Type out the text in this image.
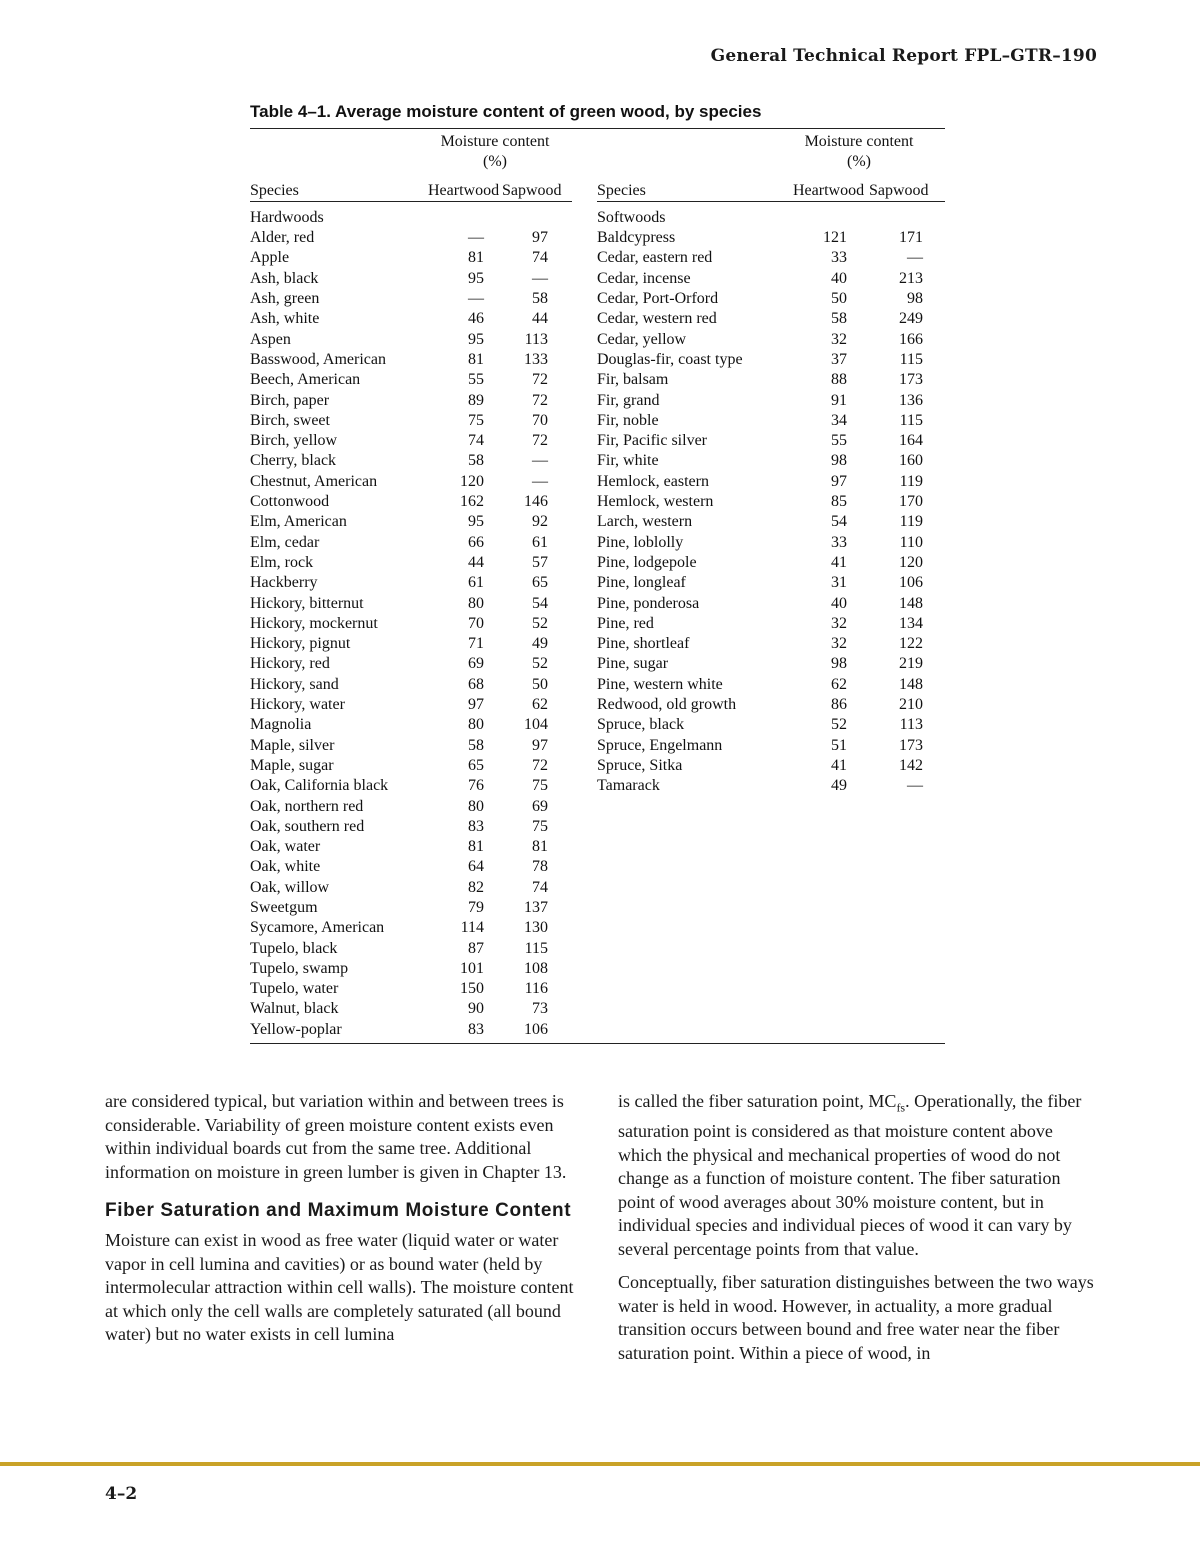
General Technical Report FPL–GTR–190
Table 4–1. Average moisture content of green wood, by species

	Moisture content				Moisture content	
	(%)				(%)	
Species	Heartwood	Sapwood		Species	Heartwood	Sapwood
Hardwoods				Softwoods		
Alder, red	—	97		Baldcypress	121	171
Apple	81	74		Cedar, eastern red	33	—
Ash, black	95	—		Cedar, incense	40	213
Ash, green	—	58		Cedar, Port-Orford	50	98
Ash, white	46	44		Cedar, western red	58	249
Aspen	95	113		Cedar, yellow	32	166
Basswood, American	81	133		Douglas-fir, coast type	37	115
Beech, American	55	72		Fir, balsam	88	173
Birch, paper	89	72		Fir, grand	91	136
Birch, sweet	75	70		Fir, noble	34	115
Birch, yellow	74	72		Fir, Pacific silver	55	164
Cherry, black	58	—		Fir, white	98	160
Chestnut, American	120	—		Hemlock, eastern	97	119
Cottonwood	162	146		Hemlock, western	85	170
Elm, American	95	92		Larch, western	54	119
Elm, cedar	66	61		Pine, loblolly	33	110
Elm, rock	44	57		Pine, lodgepole	41	120
Hackberry	61	65		Pine, longleaf	31	106
Hickory, bitternut	80	54		Pine, ponderosa	40	148
Hickory, mockernut	70	52		Pine, red	32	134
Hickory, pignut	71	49		Pine, shortleaf	32	122
Hickory, red	69	52		Pine, sugar	98	219
Hickory, sand	68	50		Pine, western white	62	148
Hickory, water	97	62		Redwood, old growth	86	210
Magnolia	80	104		Spruce, black	52	113
Maple, silver	58	97		Spruce, Engelmann	51	173
Maple, sugar	65	72		Spruce, Sitka	41	142
Oak, California black	76	75		Tamarack	49	—
Oak, northern red	80	69				
Oak, southern red	83	75				
Oak, water	81	81				
Oak, white	64	78				
Oak, willow	82	74				
Sweetgum	79	137				
Sycamore, American	114	130				
Tupelo, black	87	115				
Tupelo, swamp	101	108				
Tupelo, water	150	116				
Walnut, black	90	73				
Yellow-poplar	83	106				

are considered typical, but variation within and between trees is considerable. Variability of green moisture content exists even within individual boards cut from the same tree. Additional information on moisture in green lumber is given in Chapter 13.

Fiber Saturation and Maximum Moisture Content

Moisture can exist in wood as free water (liquid water or water vapor in cell lumina and cavities) or as bound water (held by intermolecular attraction within cell walls). The moisture content at which only the cell walls are completely saturated (all bound water) but no water exists in cell lumina

is called the fiber saturation point, $MC_{fs}$. Operationally, the fiber saturation point is considered as that moisture content above which the physical and mechanical properties of wood do not change as a function of moisture content. The fiber saturation point of wood averages about 30% moisture content, but in individual species and individual pieces of wood it can vary by several percentage points from that value.

Conceptually, fiber saturation distinguishes between the two ways water is held in wood. However, in actuality, a more gradual transition occurs between bound and free water near the fiber saturation point. Within a piece of wood, in

4–2
